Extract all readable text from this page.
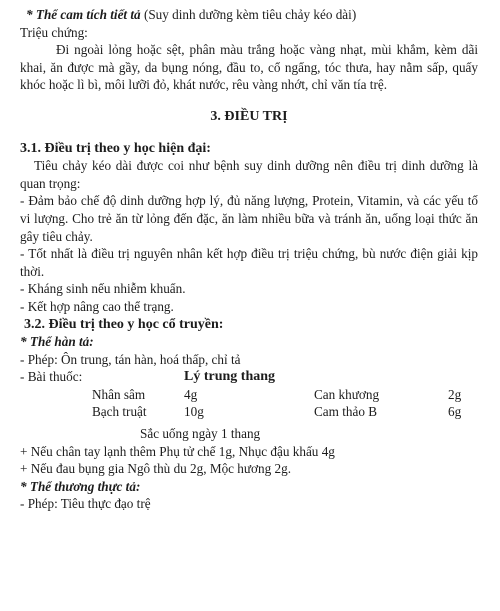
* Thể cam tích tiết tả (Suy dinh dưỡng kèm tiêu chảy kéo dài)

Triệu chứng:

Đi ngoài lỏng hoặc sệt, phân màu trắng hoặc vàng nhạt, mùi khắm, kèm dãi khai, ăn được mà gầy, da bụng nóng, đầu to, cổ ngẩng, tóc thưa, hay nằm sấp, quấy khóc hoặc lì bì, môi lưỡi đỏ, khát nước, rêu vàng nhớt, chỉ văn tía trệ.

3. ĐIỀU TRỊ

3.1. Điều trị theo y học hiện đại:

Tiêu chảy kéo dài được coi như bệnh suy dinh dưỡng nên điều trị dinh dưỡng là quan trọng:

- Đảm bảo chế độ dinh dưỡng hợp lý, đủ năng lượng, Protein, Vitamin, và các yếu tố vi lượng. Cho trẻ ăn từ lỏng đến đặc, ăn làm nhiều bữa và tránh ăn, uống loại thức ăn gây tiêu chảy.

- Tốt nhất là điều trị nguyên nhân kết hợp điều trị triệu chứng, bù nước điện giải kịp thời.

- Kháng sinh nếu nhiễm khuẩn.

- Kết hợp nâng cao thể trạng.

3.2. Điều trị theo y học cổ truyền:

* Thể hàn tả:

- Phép: Ôn trung, tán hàn, hoá thấp, chỉ tả

- Bài thuốc:	Lý trung thang
Nhân sâm	4g	Can khương	2g
Bạch truật	10g	Cam thảo B	6g

Sắc uống ngày 1 thang

+ Nếu chân tay lạnh thêm Phụ tử chế 1g, Nhục đậu khấu 4g

+ Nếu đau bụng gia Ngô thù du 2g, Mộc hương 2g.

* Thể thương thực tả:

- Phép: Tiêu thực đạo trệ
